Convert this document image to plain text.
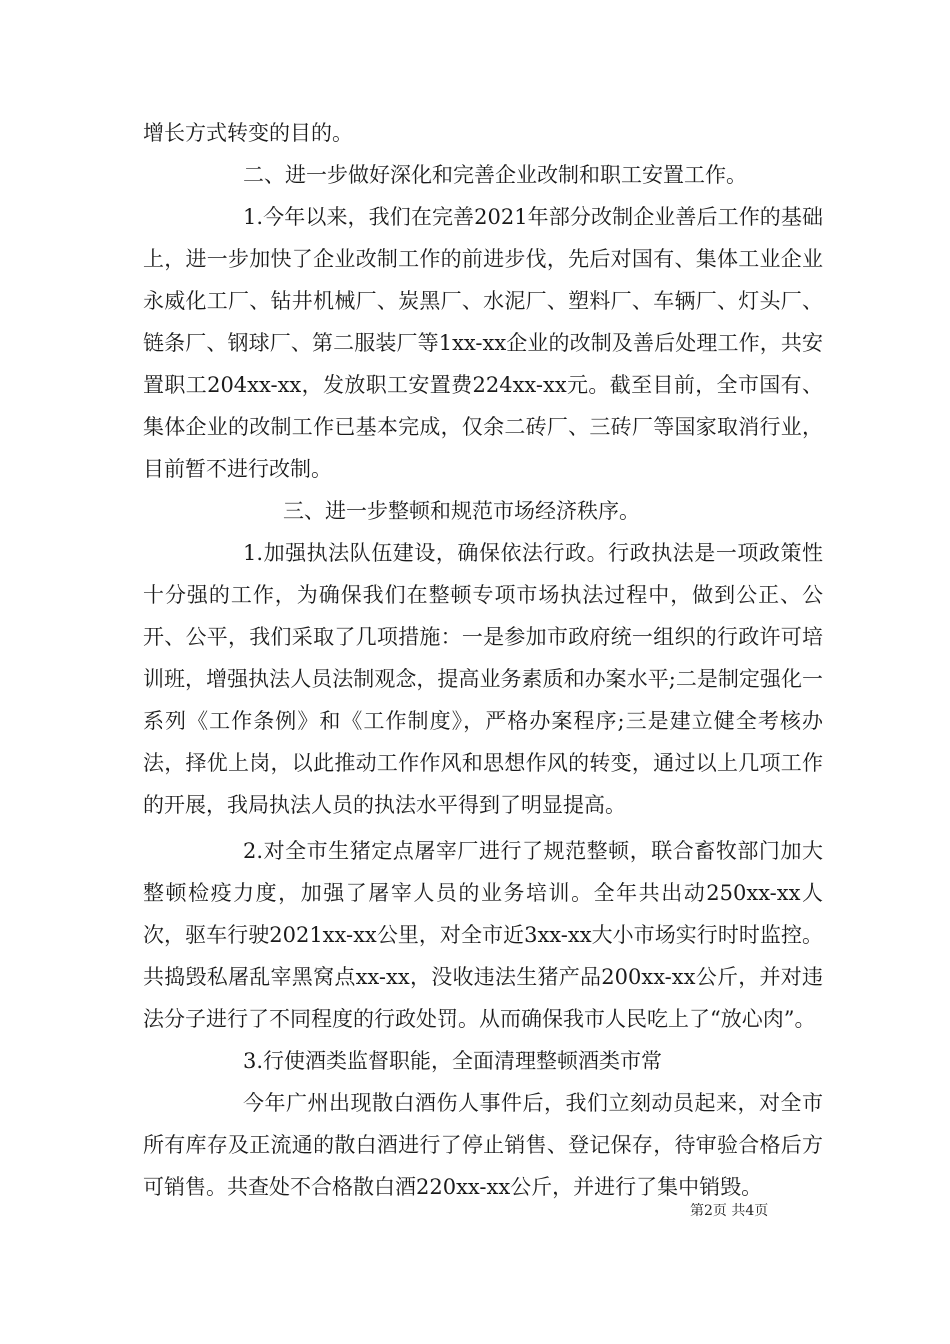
增长方式转变的目的。

二、进一步做好深化和完善企业改制和职工安置工作。

1.今年以来，我们在完善2021年部分改制企业善后工作的基础上，进一步加快了企业改制工作的前进步伐，先后对国有、集体工业企业永威化工厂、钻井机械厂、炭黑厂、水泥厂、塑料厂、车辆厂、灯头厂、链条厂、钢球厂、第二服装厂等1xx-xx企业的改制及善后处理工作，共安置职工204xx-xx，发放职工安置费224xx-xx元。截至目前，全市国有、集体企业的改制工作已基本完成，仅余二砖厂、三砖厂等国家取消行业，目前暂不进行改制。

三、进一步整顿和规范市场经济秩序。

1.加强执法队伍建设，确保依法行政。行政执法是一项政策性十分强的工作，为确保我们在整顿专项市场执法过程中，做到公正、公开、公平，我们采取了几项措施：一是参加市政府统一组织的行政许可培训班，增强执法人员法制观念，提高业务素质和办案水平;二是制定强化一系列《工作条例》和《工作制度》，严格办案程序;三是建立健全考核办法，择优上岗，以此推动工作作风和思想作风的转变，通过以上几项工作的开展，我局执法人员的执法水平得到了明显提高。

2.对全市生猪定点屠宰厂进行了规范整顿，联合畜牧部门加大整顿检疫力度，加强了屠宰人员的业务培训。全年共出动250xx-xx人次，驱车行驶2021xx-xx公里，对全市近3xx-xx大小市场实行时时监控。共捣毁私屠乱宰黑窝点xx-xx，没收违法生猪产品200xx-xx公斤，并对违法分子进行了不同程度的行政处罚。从而确保我市人民吃上了“放心肉”。

3.行使酒类监督职能，全面清理整顿酒类市常

今年广州出现散白酒伤人事件后，我们立刻动员起来，对全市所有库存及正流通的散白酒进行了停止销售、登记保存，待审验合格后方可销售。共查处不合格散白酒220xx-xx公斤，并进行了集中销毁。

第2页 共4页
